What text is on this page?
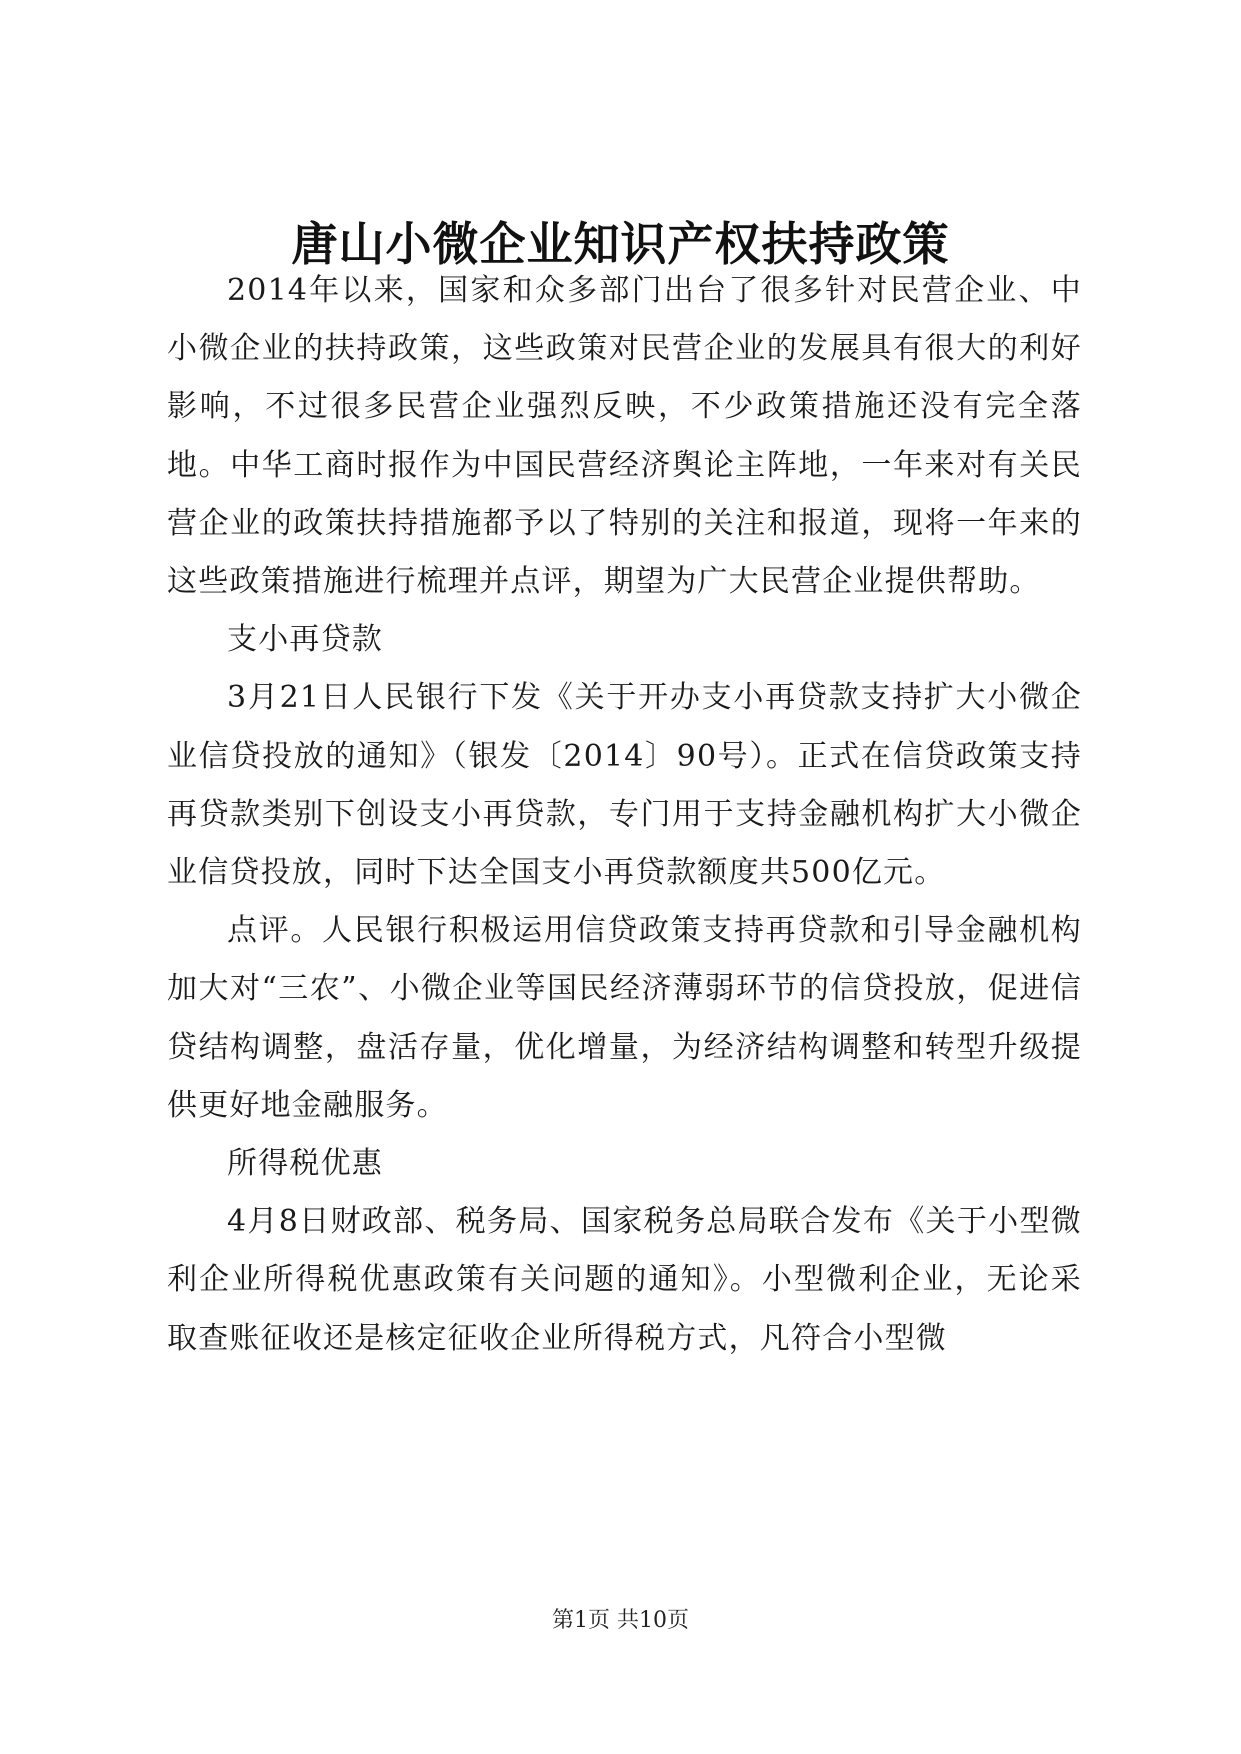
唐山小微企业知识产权扶持政策

2014年以来，国家和众多部门出台了很多针对民营企业、中小微企业的扶持政策，这些政策对民营企业的发展具有很大的利好影响，不过很多民营企业强烈反映，不少政策措施还没有完全落地。中华工商时报作为中国民营经济舆论主阵地，一年来对有关民营企业的政策扶持措施都予以了特别的关注和报道，现将一年来的这些政策措施进行梳理并点评，期望为广大民营企业提供帮助。

支小再贷款

3月21日人民银行下发《关于开办支小再贷款支持扩大小微企业信贷投放的通知》（银发〔2014〕90号）。正式在信贷政策支持再贷款类别下创设支小再贷款，专门用于支持金融机构扩大小微企业信贷投放，同时下达全国支小再贷款额度共500亿元。

点评。人民银行积极运用信贷政策支持再贷款和引导金融机构加大对“三农”、小微企业等国民经济薄弱环节的信贷投放，促进信贷结构调整，盘活存量，优化增量，为经济结构调整和转型升级提供更好地金融服务。

所得税优惠

4月8日财政部、税务局、国家税务总局联合发布《关于小型微利企业所得税优惠政策有关问题的通知》。小型微利企业，无论采取查账征收还是核定征收企业所得税方式，凡符合小型微

第1页 共10页
